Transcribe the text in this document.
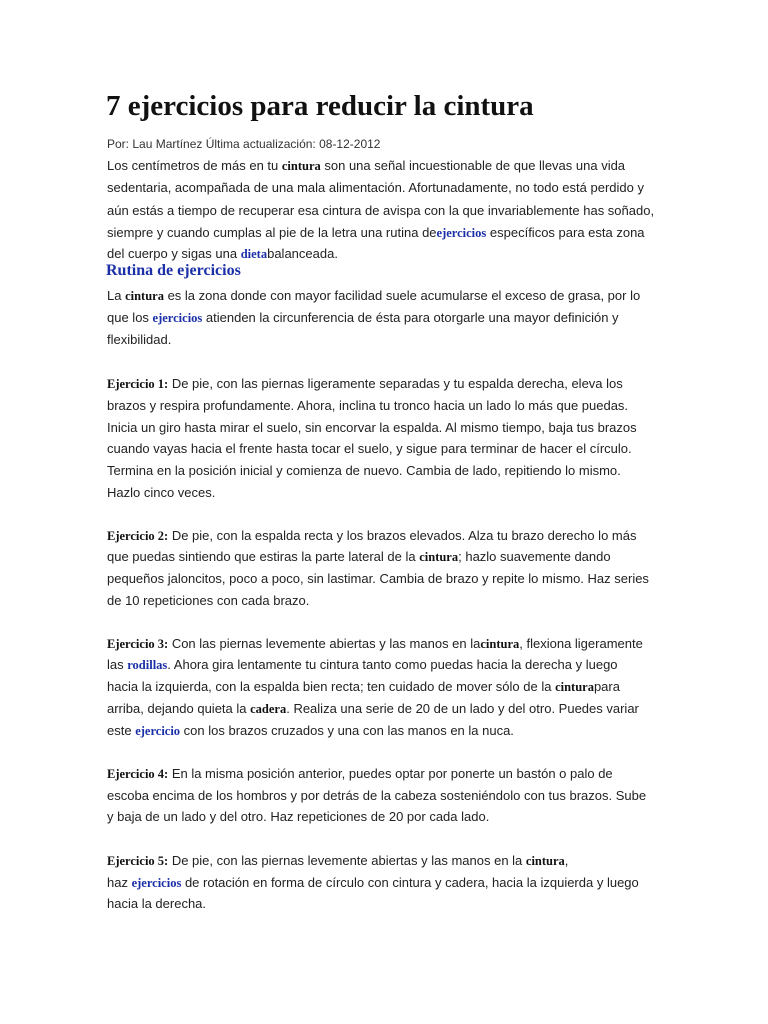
7 ejercicios para reducir la cintura
Por: Lau Martínez Última actualización: 08-12-2012
Los centímetros de más en tu cintura son una señal incuestionable de que llevas una vida
sedentaria, acompañada de una mala alimentación. Afortunadamente, no todo está perdido y
aún estás a tiempo de recuperar esa cintura de avispa con la que invariablemente has soñado,
siempre y cuando cumplas al pie de la letra una rutina deejercicios específicos para esta zona
del cuerpo y sigas una dietabalanceada.
Rutina de ejercicios
La cintura es la zona donde con mayor facilidad suele acumularse el exceso de grasa, por lo
que los ejercicios atienden la circunferencia de ésta para otorgarle una mayor definición y
flexibilidad.
Ejercicio 1: De pie, con las piernas ligeramente separadas y tu espalda derecha, eleva los
brazos y respira profundamente. Ahora, inclina tu tronco hacia un lado lo más que puedas.
Inicia un giro hasta mirar el suelo, sin encorvar la espalda. Al mismo tiempo, baja tus brazos
cuando vayas hacia el frente hasta tocar el suelo, y sigue para terminar de hacer el círculo.
Termina en la posición inicial y comienza de nuevo. Cambia de lado, repitiendo lo mismo.
Hazlo cinco veces.
Ejercicio 2: De pie, con la espalda recta y los brazos elevados. Alza tu brazo derecho lo más
que puedas sintiendo que estiras la parte lateral de la cintura; hazlo suavemente dando
pequeños jaloncitos, poco a poco, sin lastimar. Cambia de brazo y repite lo mismo. Haz series
de 10 repeticiones con cada brazo.
Ejercicio 3: Con las piernas levemente abiertas y las manos en lacintura, flexiona ligeramente
las rodillas. Ahora gira lentamente tu cintura tanto como puedas hacia la derecha y luego
hacia la izquierda, con la espalda bien recta; ten cuidado de mover sólo de la cinturapara
arriba, dejando quieta la cadera. Realiza una serie de 20 de un lado y del otro. Puedes variar
este ejercicio con los brazos cruzados y una con las manos en la nuca.
Ejercicio 4: En la misma posición anterior, puedes optar por ponerte un bastón o palo de
escoba encima de los hombros y por detrás de la cabeza sosteniéndolo con tus brazos. Sube
y baja de un lado y del otro. Haz repeticiones de 20 por cada lado.
Ejercicio 5: De pie, con las piernas levemente abiertas y las manos en la cintura,
haz ejercicios de rotación en forma de círculo con cintura y cadera, hacia la izquierda y luego
hacia la derecha.
